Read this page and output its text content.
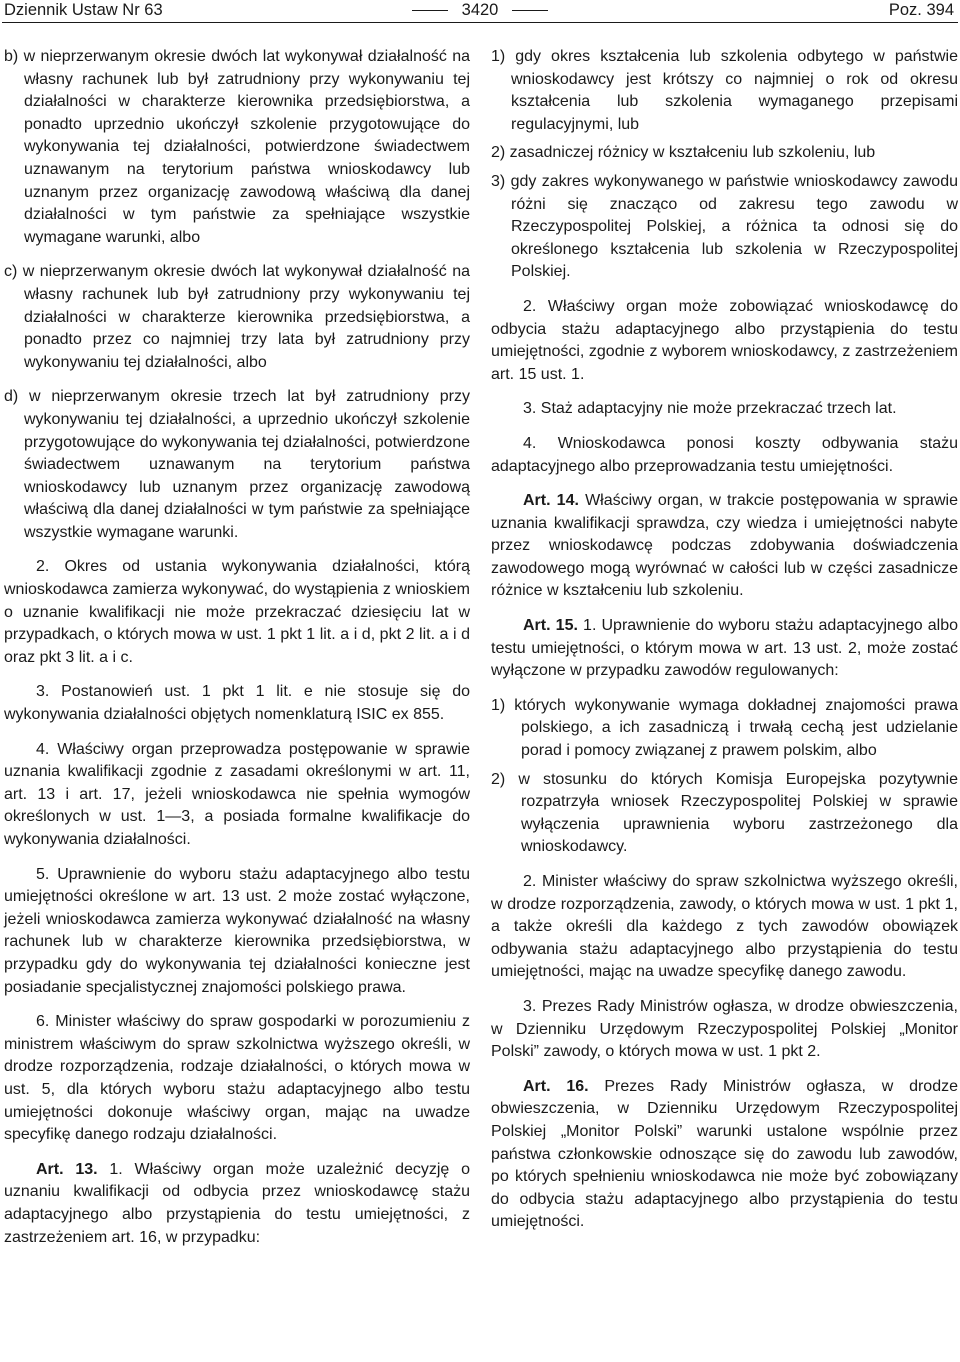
Dziennik Ustaw Nr 63	3420	Poz. 394

b) w nieprzerwanym okresie dwóch lat wykonywał działalność na własny rachunek lub był zatrudniony przy wykonywaniu tej działalności w charakterze kierownika przedsiębiorstwa, a ponadto uprzednio ukończył szkolenie przygotowujące do wykonywania tej działalności, potwierdzone świadectwem uznawanym na terytorium państwa wnioskodawcy lub uznanym przez organizację zawodową właściwą dla danej działalności w tym państwie za spełniające wszystkie wymagane warunki, albo

c) w nieprzerwanym okresie dwóch lat wykonywał działalność na własny rachunek lub był zatrudniony przy wykonywaniu tej działalności w charakterze kierownika przedsiębiorstwa, a ponadto przez co najmniej trzy lata był zatrudniony przy wykonywaniu tej działalności, albo

d) w nieprzerwanym okresie trzech lat był zatrudniony przy wykonywaniu tej działalności, a uprzednio ukończył szkolenie przygotowujące do wykonywania tej działalności, potwierdzone świadectwem uznawanym na terytorium państwa wnioskodawcy lub uznanym przez organizację zawodową właściwą dla danej działalności w tym państwie za spełniające wszystkie wymagane warunki.

2. Okres od ustania wykonywania działalności, którą wnioskodawca zamierza wykonywać, do wystąpienia z wnioskiem o uznanie kwalifikacji nie może przekraczać dziesięciu lat w przypadkach, o których mowa w ust. 1 pkt 1 lit. a i d, pkt 2 lit. a i d oraz pkt 3 lit. a i c.

3. Postanowień ust. 1 pkt 1 lit. e nie stosuje się do wykonywania działalności objętych nomenklaturą ISIC ex 855.

4. Właściwy organ przeprowadza postępowanie w sprawie uznania kwalifikacji zgodnie z zasadami określonymi w art. 11, art. 13 i art. 17, jeżeli wnioskodawca nie spełnia wymogów określonych w ust. 1—3, a posiada formalne kwalifikacje do wykonywania działalności.

5. Uprawnienie do wyboru stażu adaptacyjnego albo testu umiejętności określone w art. 13 ust. 2 może zostać wyłączone, jeżeli wnioskodawca zamierza wykonywać działalność na własny rachunek lub w charakterze kierownika przedsiębiorstwa, w przypadku gdy do wykonywania tej działalności konieczne jest posiadanie specjalistycznej znajomości polskiego prawa.

6. Minister właściwy do spraw gospodarki w porozumieniu z ministrem właściwym do spraw szkolnictwa wyższego określi, w drodze rozporządzenia, rodzaje działalności, o których mowa w ust. 5, dla których wyboru stażu adaptacyjnego albo testu umiejętności dokonuje właściwy organ, mając na uwadze specyfikę danego rodzaju działalności.

Art. 13. 1. Właściwy organ może uzależnić decyzję o uznaniu kwalifikacji od odbycia przez wnioskodawcę stażu adaptacyjnego albo przystąpienia do testu umiejętności, z zastrzeżeniem art. 16, w przypadku:

1) gdy okres kształcenia lub szkolenia odbytego w państwie wnioskodawcy jest krótszy co najmniej o rok od okresu kształcenia lub szkolenia wymaganego przepisami regulacyjnymi, lub

2) zasadniczej różnicy w kształceniu lub szkoleniu, lub

3) gdy zakres wykonywanego w państwie wnioskodawcy zawodu różni się znacząco od zakresu tego zawodu w Rzeczypospolitej Polskiej, a różnica ta odnosi się do określonego kształcenia lub szkolenia w Rzeczypospolitej Polskiej.

2. Właściwy organ może zobowiązać wnioskodawcę do odbycia stażu adaptacyjnego albo przystąpienia do testu umiejętności, zgodnie z wyborem wnioskodawcy, z zastrzeżeniem art. 15 ust. 1.

3. Staż adaptacyjny nie może przekraczać trzech lat.

4. Wnioskodawca ponosi koszty odbywania stażu adaptacyjnego albo przeprowadzania testu umiejętności.

Art. 14. Właściwy organ, w trakcie postępowania w sprawie uznania kwalifikacji sprawdza, czy wiedza i umiejętności nabyte przez wnioskodawcę podczas zdobywania doświadczenia zawodowego mogą wyrównać w całości lub w części zasadnicze różnice w kształceniu lub szkoleniu.

Art. 15. 1. Uprawnienie do wyboru stażu adaptacyjnego albo testu umiejętności, o którym mowa w art. 13 ust. 2, może zostać wyłączone w przypadku zawodów regulowanych:

1) których wykonywanie wymaga dokładnej znajomości prawa polskiego, a ich zasadniczą i trwałą cechą jest udzielanie porad i pomocy związanej z prawem polskim, albo

2) w stosunku do których Komisja Europejska pozytywnie rozpatrzyła wniosek Rzeczypospolitej Polskiej w sprawie wyłączenia uprawnienia wyboru zastrzeżonego dla wnioskodawcy.

2. Minister właściwy do spraw szkolnictwa wyższego określi, w drodze rozporządzenia, zawody, o których mowa w ust. 1 pkt 1, a także określi dla każdego z tych zawodów obowiązek odbywania stażu adaptacyjnego albo przystąpienia do testu umiejętności, mając na uwadze specyfikę danego zawodu.

3. Prezes Rady Ministrów ogłasza, w drodze obwieszczenia, w Dzienniku Urzędowym Rzeczypospolitej Polskiej „Monitor Polski” zawody, o których mowa w ust. 1 pkt 2.

Art. 16. Prezes Rady Ministrów ogłasza, w drodze obwieszczenia, w Dzienniku Urzędowym Rzeczypospolitej Polskiej „Monitor Polski” warunki ustalone wspólnie przez państwa członkowskie odnoszące się do zawodu lub zawodów, po których spełnieniu wnioskodawca nie może być zobowiązany do odbycia stażu adaptacyjnego albo przystąpienia do testu umiejętności.
